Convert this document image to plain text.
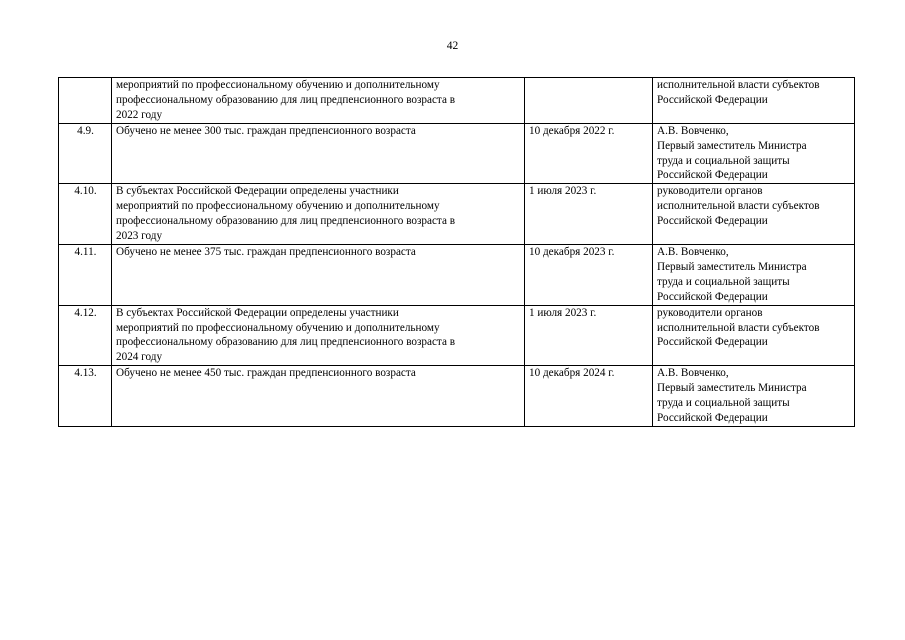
42

	мероприятий по профессиональному обучению и дополнительному
профессиональному образованию для лиц предпенсионного возраста в
2022 году		исполнительной власти субъектов
Российской Федерации

4.9.	Обучено не менее 300 тыс. граждан предпенсионного возраста	10 декабря 2022 г.	А.В. Вовченко,
Первый заместитель Министра
труда и социальной защиты
Российской Федерации

4.10.	В субъектах Российской Федерации определены участники
мероприятий по профессиональному обучению и дополнительному
профессиональному образованию для лиц предпенсионного возраста в
2023 году	1 июля 2023 г.	руководители органов
исполнительной власти субъектов
Российской Федерации

4.11.	Обучено не менее 375 тыс. граждан предпенсионного возраста	10 декабря 2023 г.	А.В. Вовченко,
Первый заместитель Министра
труда и социальной защиты
Российской Федерации

4.12.	В субъектах Российской Федерации определены участники
мероприятий по профессиональному обучению и дополнительному
профессиональному образованию для лиц предпенсионного возраста в
2024 году	1 июля 2023 г.	руководители органов
исполнительной власти субъектов
Российской Федерации

4.13.	Обучено не менее 450 тыс. граждан предпенсионного возраста	10 декабря 2024 г.	А.В. Вовченко,
Первый заместитель Министра
труда и социальной защиты
Российской Федерации
